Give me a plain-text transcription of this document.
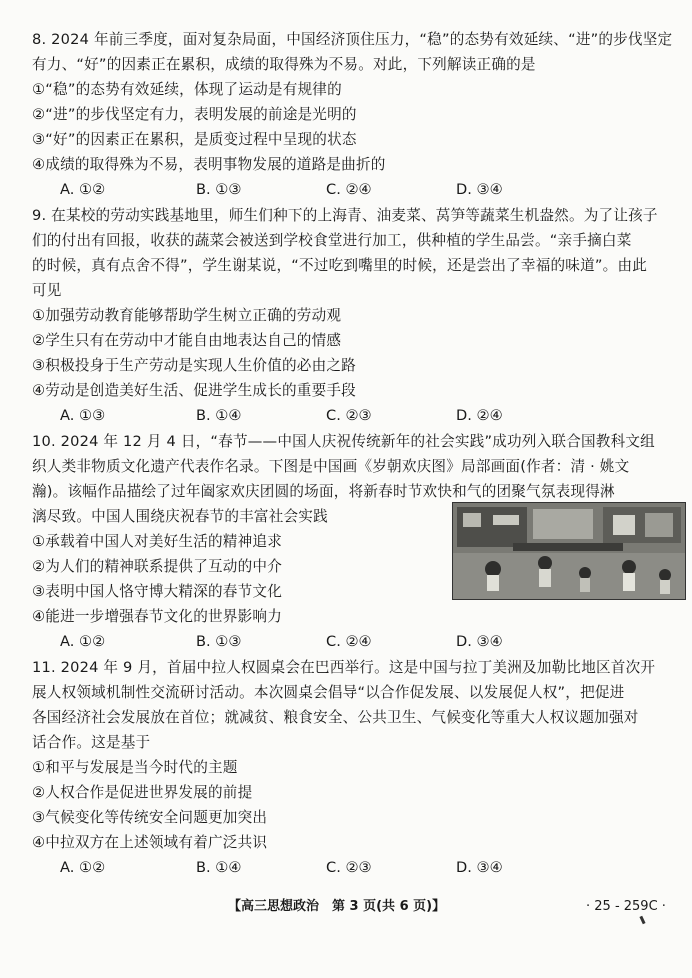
8. 2024 年前三季度，面对复杂局面，中国经济顶住压力，“稳”的态势有效延续、“进”的步伐坚定
有力、“好”的因素正在累积，成绩的取得殊为不易。对此，下列解读正确的是
①“稳”的态势有效延续，体现了运动是有规律的
②“进”的步伐坚定有力，表明发展的前途是光明的
③“好”的因素正在累积，是质变过程中呈现的状态
④成绩的取得殊为不易，表明事物发展的道路是曲折的
A. ①②	B. ①③	C. ②④	D. ③④
9. 在某校的劳动实践基地里，师生们种下的上海青、油麦菜、莴笋等蔬菜生机盎然。为了让孩子
们的付出有回报，收获的蔬菜会被送到学校食堂进行加工，供种植的学生品尝。“亲手摘白菜
的时候，真有点舍不得”，学生谢某说，“不过吃到嘴里的时候，还是尝出了幸福的味道”。由此
可见
①加强劳动教育能够帮助学生树立正确的劳动观
②学生只有在劳动中才能自由地表达自己的情感
③积极投身于生产劳动是实现人生价值的必由之路
④劳动是创造美好生活、促进学生成长的重要手段
A. ①③	B. ①④	C. ②③	D. ②④
10. 2024 年 12 月 4 日，“春节——中国人庆祝传统新年的社会实践”成功列入联合国教科文组
织人类非物质文化遗产代表作名录。下图是中国画《岁朝欢庆图》局部画面(作者：清 · 姚文
瀚)。该幅作品描绘了过年阖家欢庆团圆的场面，将新春时节欢快和气的团聚气氛表现得淋
漓尽致。中国人围绕庆祝春节的丰富社会实践
①承载着中国人对美好生活的精神追求
②为人们的精神联系提供了互动的中介
③表明中国人恪守博大精深的春节文化
④能进一步增强春节文化的世界影响力
A. ①②	B. ①③	C. ②④	D. ③④
11. 2024 年 9 月，首届中拉人权圆桌会在巴西举行。这是中国与拉丁美洲及加勒比地区首次开
展人权领域机制性交流研讨活动。本次圆桌会倡导“以合作促发展、以发展促人权”，把促进
各国经济社会发展放在首位；就减贫、粮食安全、公共卫生、气候变化等重大人权议题加强对
话合作。这是基于
①和平与发展是当今时代的主题
②人权合作是促进世界发展的前提
③气候变化等传统安全问题更加突出
④中拉双方在上述领域有着广泛共识
A. ①②	B. ①④	C. ②③	D. ③④
【高三思想政治　第 3 页(共 6 页)】	· 25 - 259C ·
